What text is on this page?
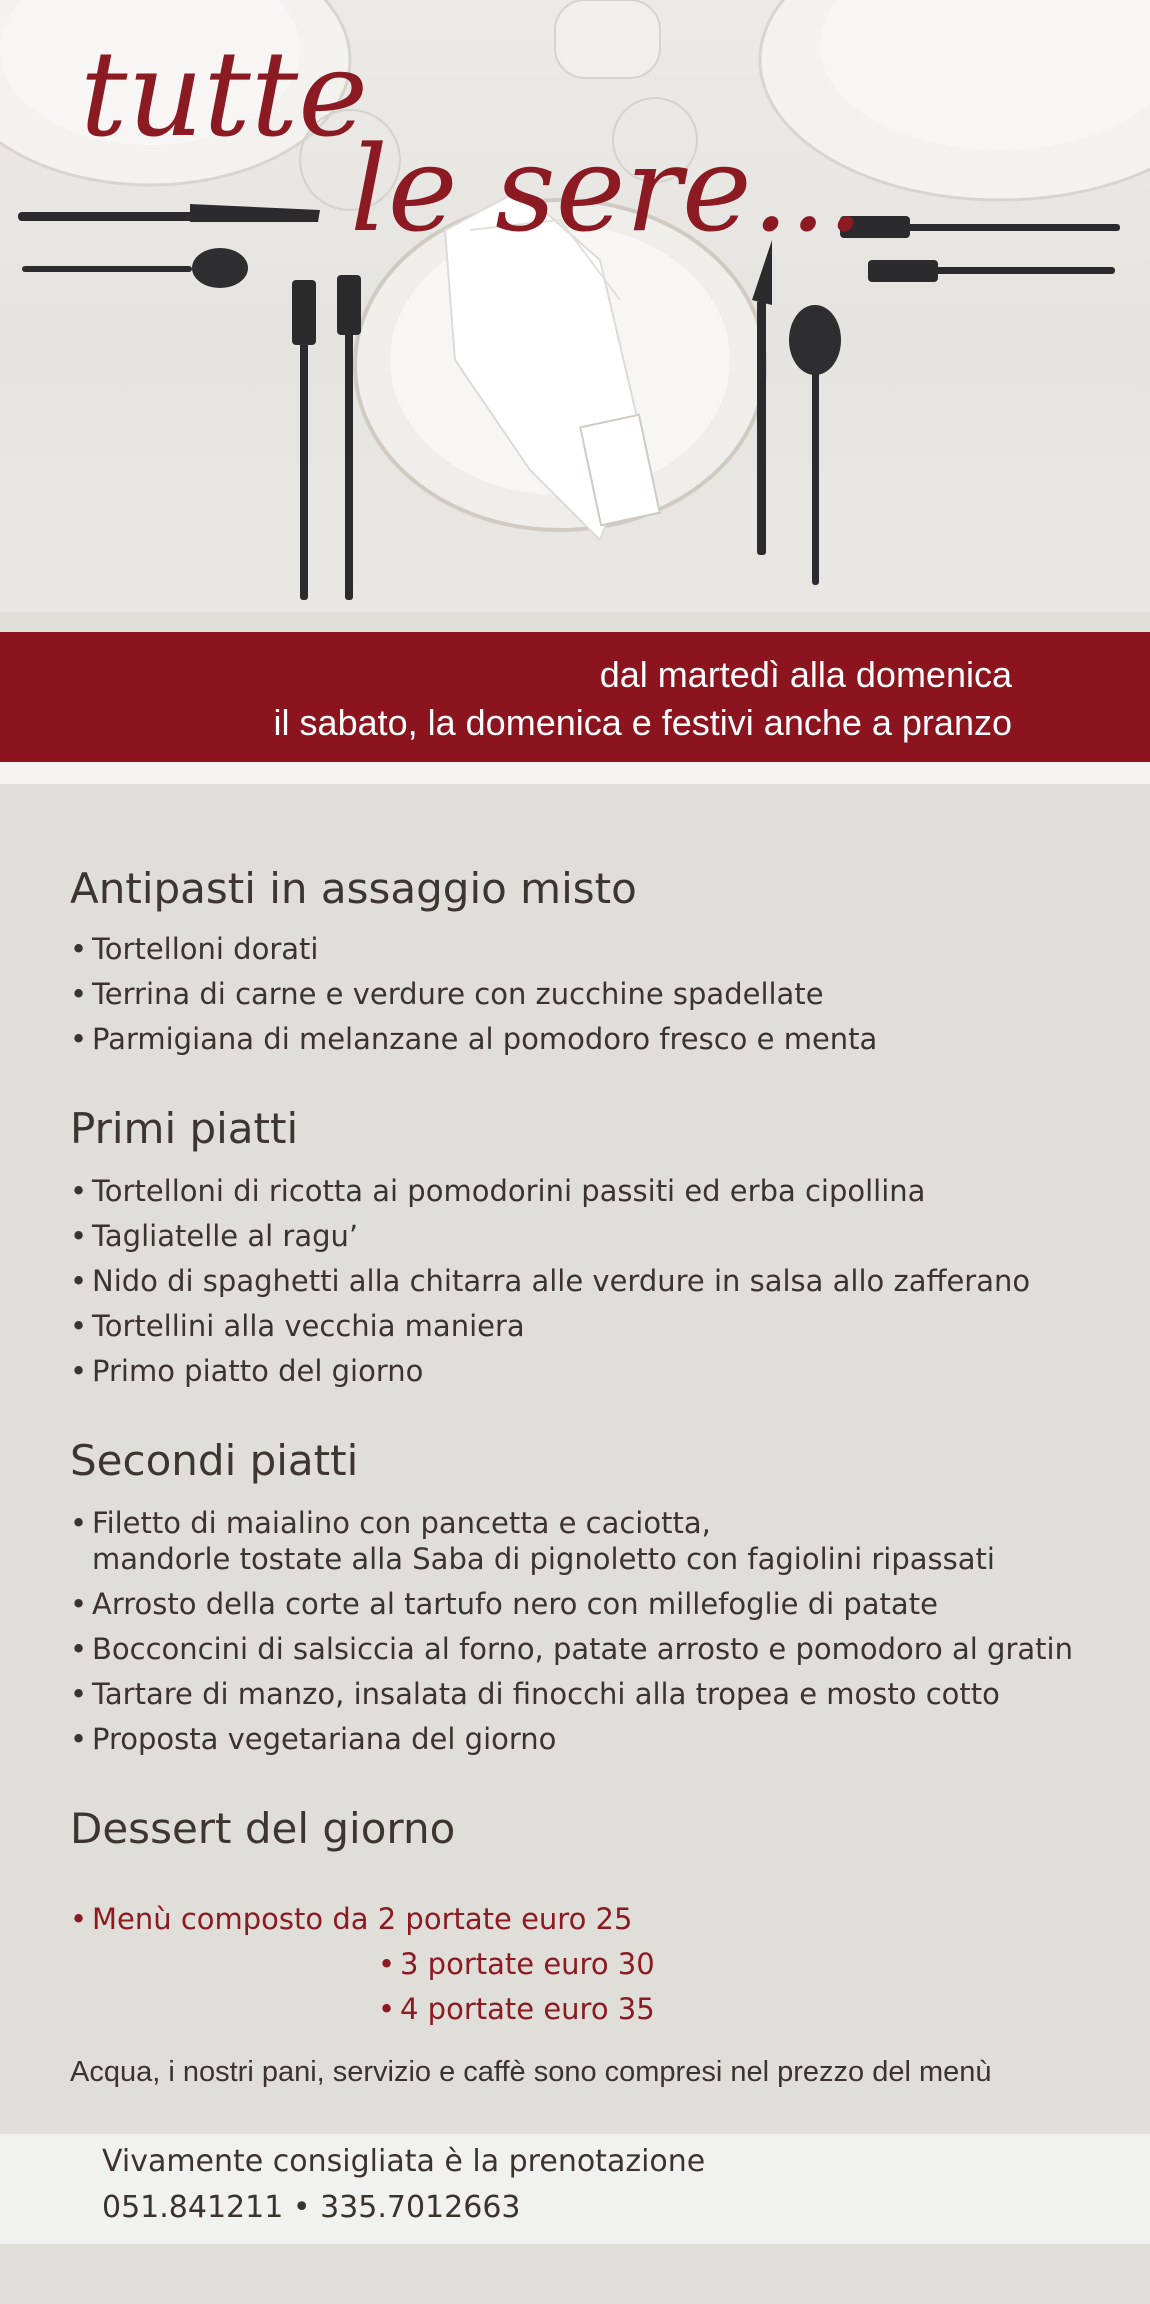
tutte
le sere...
dal martedì alla domenica
il sabato, la domenica e festivi anche a pranzo
Antipasti in assaggio misto
• Tortelloni dorati
• Terrina di carne e verdure con zucchine spadellate
• Parmigiana di melanzane al pomodoro fresco e menta
Primi piatti
• Tortelloni di ricotta ai pomodorini passiti ed erba cipollina
• Tagliatelle al ragu’
• Nido di spaghetti alla chitarra alle verdure in salsa allo zafferano
• Tortellini alla vecchia maniera
• Primo piatto del giorno
Secondi piatti
• Filetto di maialino con pancetta e caciotta,
mandorle tostate alla Saba di pignoletto con fagiolini ripassati
• Arrosto della corte al tartufo nero con millefoglie di patate
• Bocconcini di salsiccia al forno, patate arrosto e pomodoro al gratin
• Tartare di manzo, insalata di finocchi alla tropea e mosto cotto
• Proposta vegetariana del giorno
Dessert del giorno
• Menù composto da 2 portate euro 25
• 3 portate euro 30
• 4 portate euro 35
Acqua, i nostri pani, servizio e caffè sono compresi nel prezzo del menù
Vivamente consigliata è la prenotazione
051.841211 • 335.7012663
